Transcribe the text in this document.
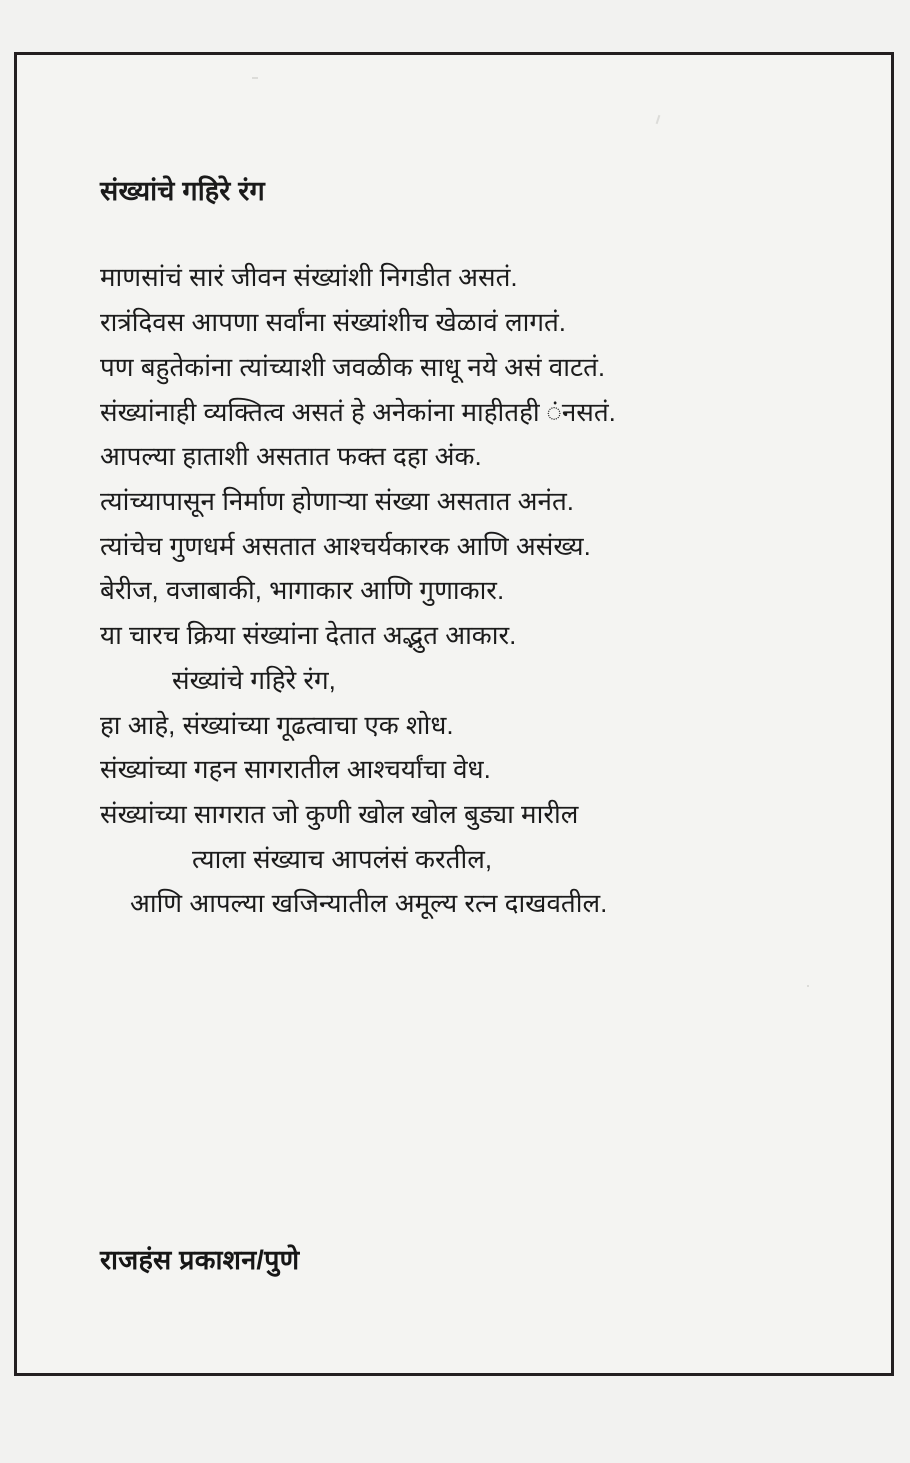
संख्यांचे गहिरे रंग
माणसांचं सारं जीवन संख्यांशी निगडीत असतं.
रात्रंदिवस आपणा सर्वांना संख्यांशीच खेळावं लागतं.
पण बहुतेकांना त्यांच्याशी जवळीक साधू नये असं वाटतं.
संख्यांनाही व्यक्तित्व असतं हे अनेकांना माहीतही ंनसतं.
आपल्या हाताशी असतात फक्त दहा अंक.
त्यांच्यापासून निर्माण होणाऱ्या संख्या असतात अनंत.
त्यांचेच गुणधर्म असतात आश्चर्यकारक आणि असंख्य.
बेरीज, वजाबाकी, भागाकार आणि गुणाकार.
या चारच क्रिया संख्यांना देतात अद्भुत आकार.
संख्यांचे गहिरे रंग,
हा आहे, संख्यांच्या गूढत्वाचा एक शोध.
संख्यांच्या गहन सागरातील आश्चर्यांचा वेध.
संख्यांच्या सागरात जो कुणी खोल खोल बुड्या मारील
त्याला संख्याच आपलंसं करतील,
आणि आपल्या खजिन्यातील अमूल्य रत्न दाखवतील.
राजहंस प्रकाशन/पुणे
